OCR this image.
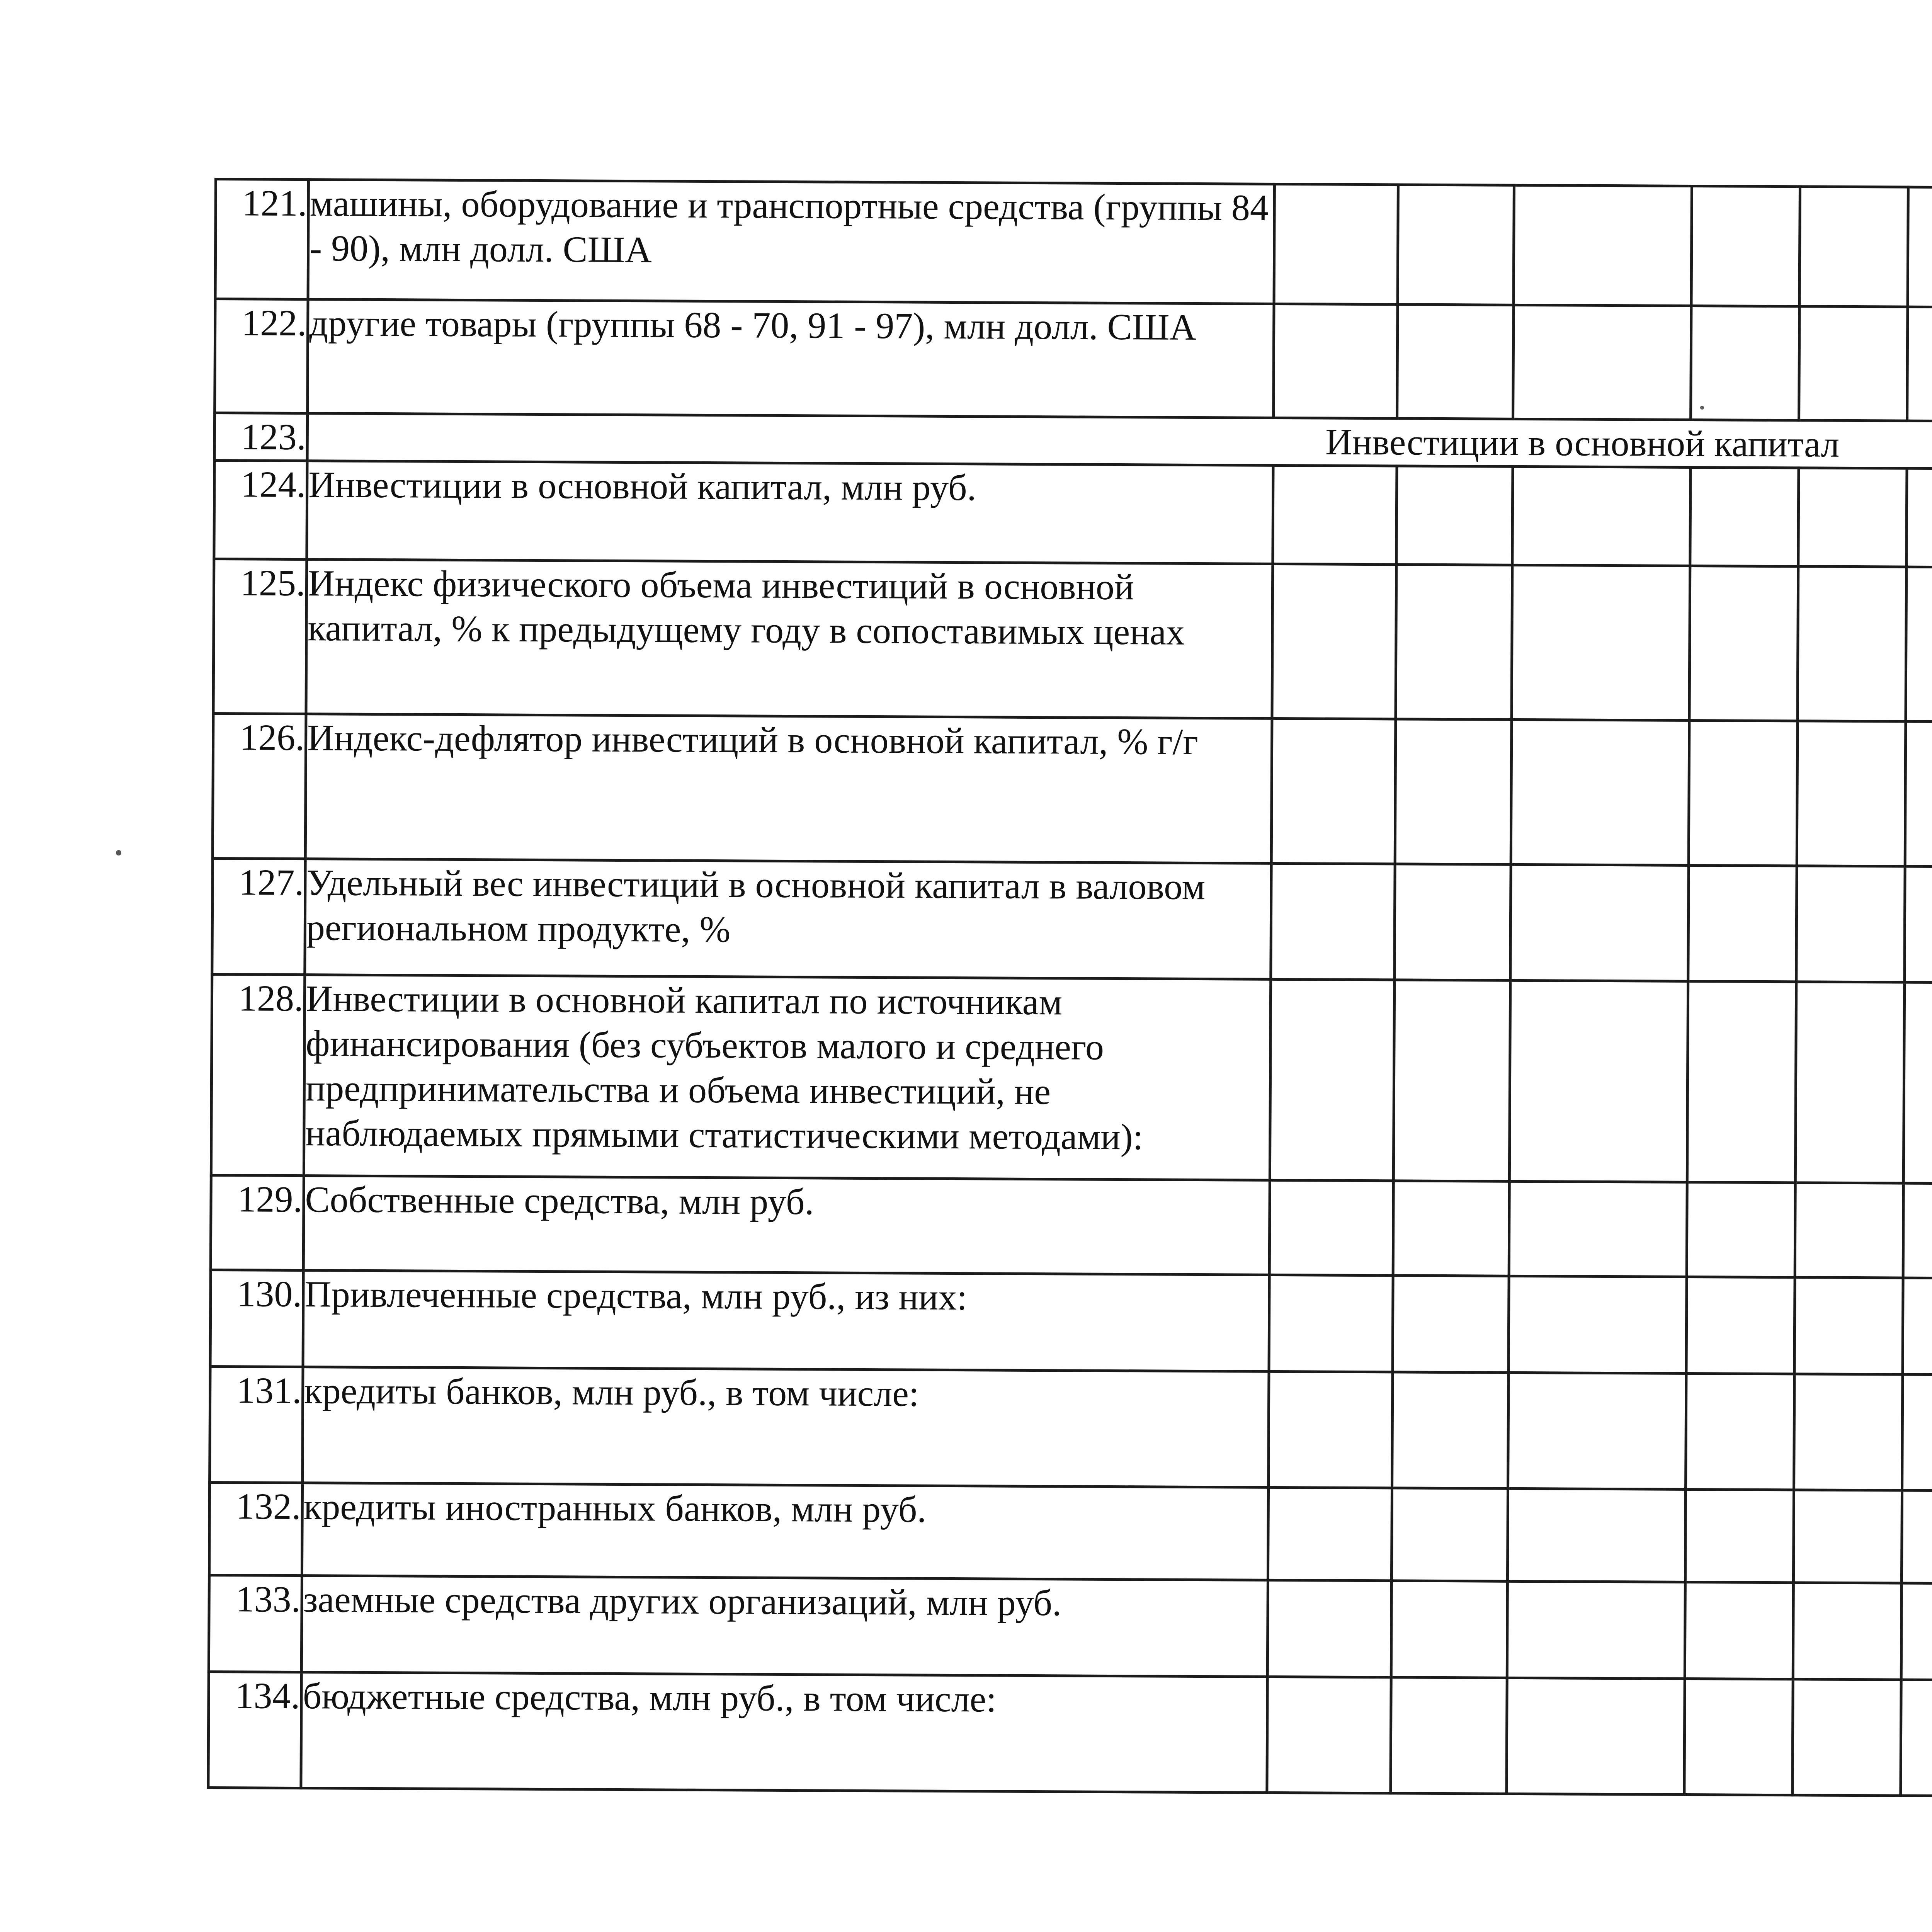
121.	машины, оборудование и транспортные средства (группы 84 - 90), млн долл. США													
122.	другие товары (группы 68 - 70, 91 - 97), млн долл. США													
123.	Инвестиции в основной капитал													
124.	Инвестиции в основной капитал, млн руб.													
125.	Индекс физического объема инвестиций в основной капитал, % к предыдущему году в сопоставимых ценах													
126.	Индекс-дефлятор инвестиций в основной капитал, % г/г													
127.	Удельный вес инвестиций в основной капитал в валовом региональном продукте, %													
128.	Инвестиции в основной капитал по источникам финансирования (без субъектов малого и среднего предпринимательства и объема инвестиций, не наблюдаемых прямыми статистическими методами):													
129.	Собственные средства, млн руб.													
130.	Привлеченные средства, млн руб., из них:													
131.	кредиты банков, млн руб., в том числе:													
132.	кредиты иностранных банков, млн руб.													
133.	заемные средства других организаций, млн руб.													
134.	бюджетные средства, млн руб., в том числе:													
